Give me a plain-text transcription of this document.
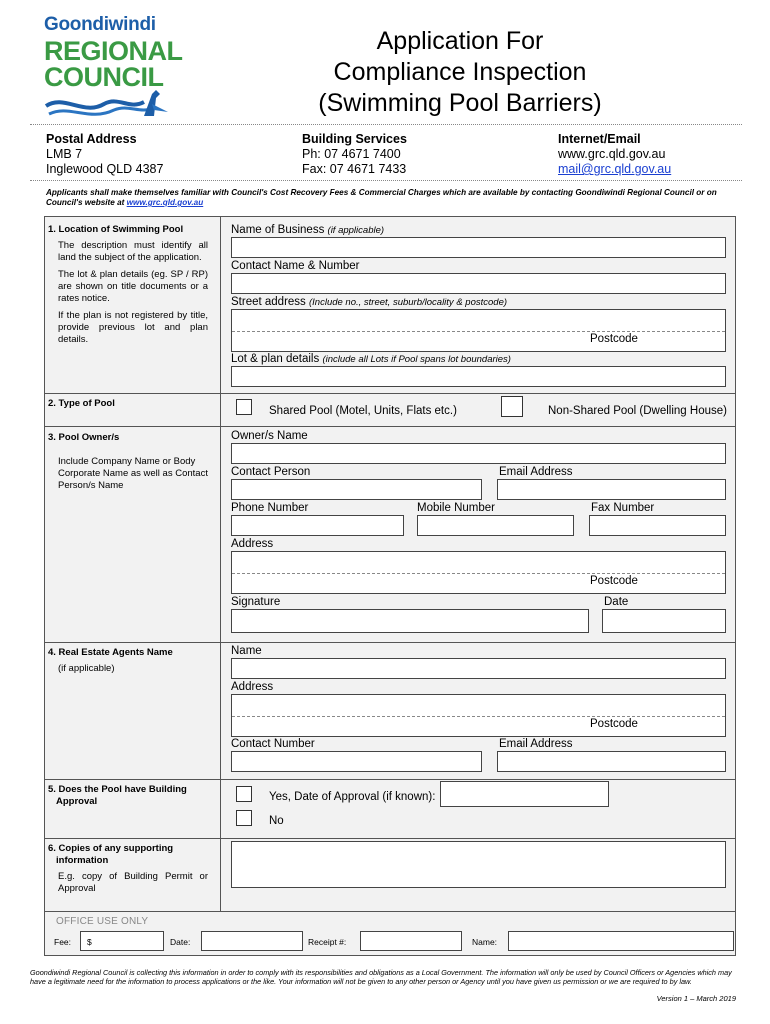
Goondiwindi
REGIONAL
COUNCIL
Application For
Compliance Inspection
(Swimming Pool Barriers)
Postal Address
LMB 7
Inglewood QLD 4387
Building Services
Ph: 07 4671 7400
Fax: 07 4671 7433
Internet/Email
www.grc.qld.gov.au
mail@grc.qld.gov.au
Applicants shall make themselves familiar with Council's Cost Recovery Fees & Commercial Charges which are available by contacting Goondiwindi Regional Council or on Council's website at www.grc.qld.gov.au
1. Location of Swimming Pool
The description must identify all land the subject of the application.
The lot & plan details (eg. SP / RP) are shown on title documents or a rates notice.
If the plan is not registered by title, provide previous lot and plan details.
Name of Business (if applicable)
Contact Name & Number
Street address (Include no., street, suburb/locality & postcode)
Postcode
Lot & plan details (include all Lots if Pool spans lot boundaries)
2. Type of Pool
Shared Pool (Motel, Units, Flats etc.)	Non-Shared Pool (Dwelling House)
3. Pool Owner/s
Include Company Name or Body Corporate Name as well as Contact Person/s Name
Owner/s Name
Contact Person	Email Address
Phone Number	Mobile Number	Fax Number
Address
Postcode
Signature	Date
4. Real Estate Agents Name
(if applicable)
Name
Address
Postcode
Contact Number	Email Address
5. Does the Pool have Building
Approval	Yes, Date of Approval (if known):
No
6. Copies of any supporting
information
E.g. copy of Building Permit or Approval
OFFICE USE ONLY
Fee: $	Date:	Receipt #:	Name:
Goondiwindi Regional Council is collecting this information in order to comply with its responsibilities and obligations as a Local Government. The information will only be used by Council Officers or Agencies which may have a legitimate need for the information to process applications or the like. Your information will not be given to any other person or Agency until you have given us permission or we are required to by law.
Version 1 – March 2019
